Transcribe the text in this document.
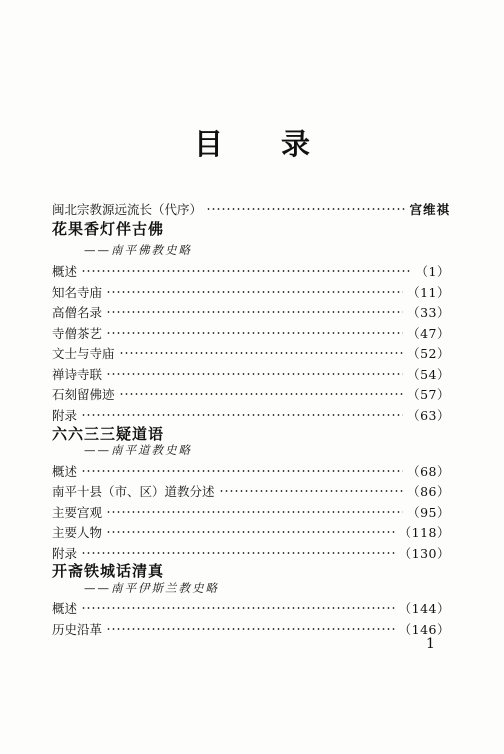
目 录
闽北宗教源远流长（代序）	宫维祺
花果香灯伴古佛
——南平佛教史略
概述	（1）
知名寺庙	（11）
高僧名录	（33）
寺僧茶艺	（47）
文士与寺庙	（52）
禅诗寺联	（54）
石刻留佛迹	（57）
附录	（63）
六六三三疑道语
——南平道教史略
概述	（68）
南平十县（市、区）道教分述	（86）
主要宫观	（95）
主要人物	（118）
附录	（130）
开斋铁城话清真
——南平伊斯兰教史略
概述	（144）
历史沿革	（146）
1
